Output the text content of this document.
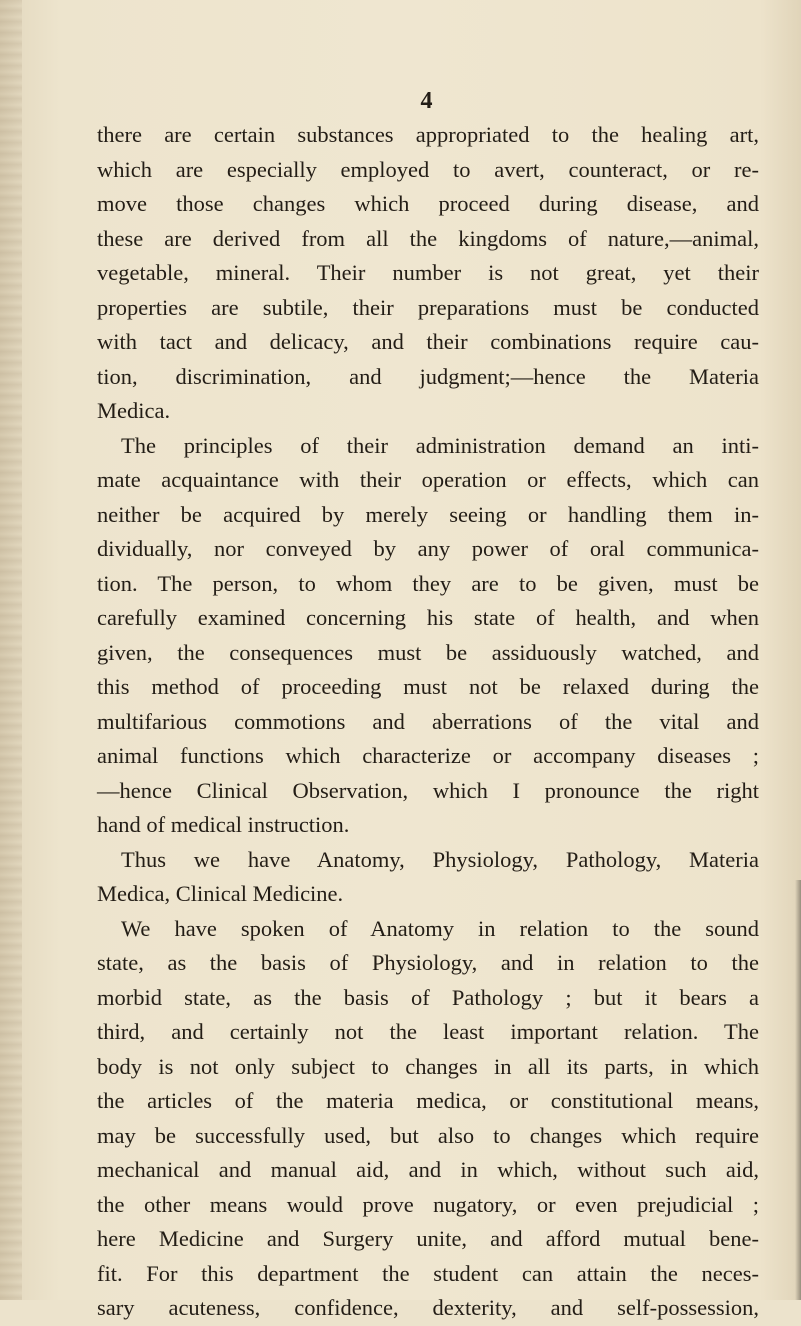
4

there are certain substances appropriated to the healing art,
which are especially employed to avert, counteract, or re-
move those changes which proceed during disease, and
these are derived from all the kingdoms of nature,—animal,
vegetable, mineral. Their number is not great, yet their
properties are subtile, their preparations must be conducted
with tact and delicacy, and their combinations require cau-
tion, discrimination, and judgment;—hence the Materia
Medica.
The principles of their administration demand an inti-
mate acquaintance with their operation or effects, which can
neither be acquired by merely seeing or handling them in-
dividually, nor conveyed by any power of oral communica-
tion. The person, to whom they are to be given, must be
carefully examined concerning his state of health, and when
given, the consequences must be assiduously watched, and
this method of proceeding must not be relaxed during the
multifarious commotions and aberrations of the vital and
animal functions which characterize or accompany diseases ;
—hence Clinical Observation, which I pronounce the right
hand of medical instruction.
Thus we have Anatomy, Physiology, Pathology, Materia
Medica, Clinical Medicine.
We have spoken of Anatomy in relation to the sound
state, as the basis of Physiology, and in relation to the
morbid state, as the basis of Pathology ; but it bears a
third, and certainly not the least important relation. The
body is not only subject to changes in all its parts, in which
the articles of the materia medica, or constitutional means,
may be successfully used, but also to changes which require
mechanical and manual aid, and in which, without such aid,
the other means would prove nugatory, or even prejudicial ;
here Medicine and Surgery unite, and afford mutual bene-
fit. For this department the student can attain the neces-
sary acuteness, confidence, dexterity, and self-possession,
